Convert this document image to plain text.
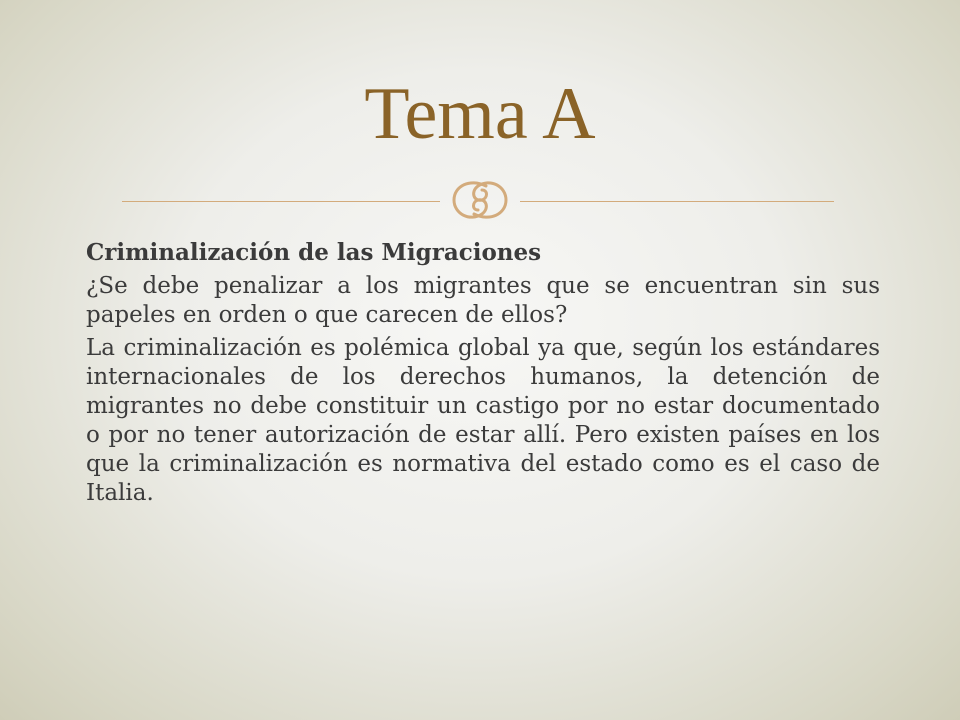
Tema A

Criminalización de las Migraciones

¿Se debe penalizar a los migrantes que se encuentran sin sus papeles en orden o que carecen de ellos?

La criminalización es polémica global ya que, según los estándares internacionales de los derechos humanos, la detención de migrantes no debe constituir un castigo por no estar documentado o por no tener autorización de estar allí. Pero existen países en los que la criminalización es normativa del estado como es el caso de Italia.
